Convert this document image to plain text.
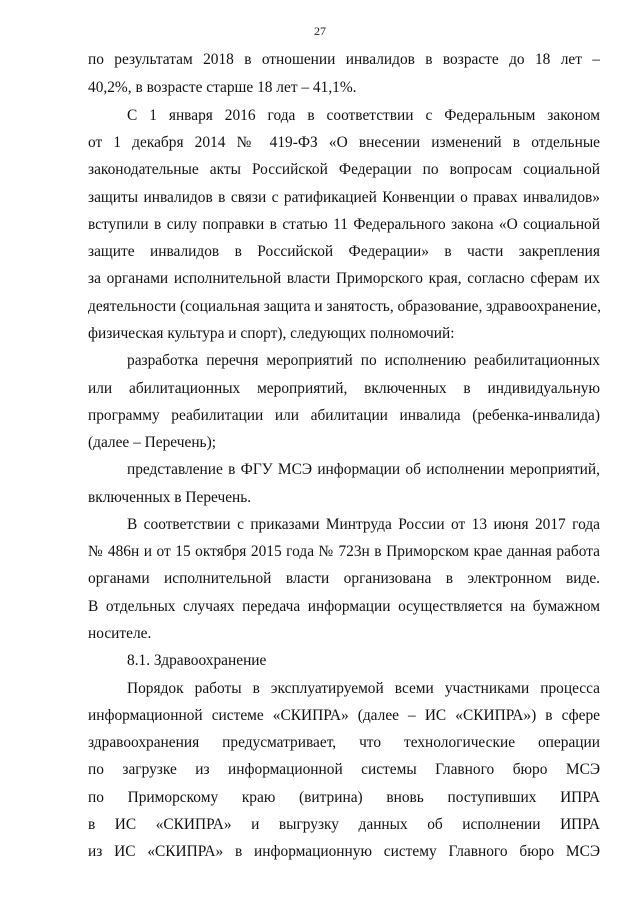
27
по результатам 2018 в отношении инвалидов в возрасте до 18 лет –
40,2%, в возрасте старше 18 лет – 41,1%.
С 1 января 2016 года в соответствии с Федеральным законом
от 1 декабря 2014 № 419-ФЗ «О внесении изменений в отдельные
законодательные акты Российской Федерации по вопросам социальной
защиты инвалидов в связи с ратификацией Конвенции о правах инвалидов»
вступили в силу поправки в статью 11 Федерального закона «О социальной
защите инвалидов в Российской Федерации» в части закрепления
за органами исполнительной власти Приморского края, согласно сферам их
деятельности (социальная защита и занятость, образование, здравоохранение,
физическая культура и спорт), следующих полномочий:
разработка перечня мероприятий по исполнению реабилитационных
или абилитационных мероприятий, включенных в индивидуальную
программу реабилитации или абилитации инвалида (ребенка-инвалида)
(далее – Перечень);
представление в ФГУ МСЭ информации об исполнении мероприятий,
включенных в Перечень.
В соответствии с приказами Минтруда России от 13 июня 2017 года
№ 486н и от 15 октября 2015 года № 723н в Приморском крае данная работа
органами исполнительной власти организована в электронном виде.
В отдельных случаях передача информации осуществляется на бумажном
носителе.
8.1. Здравоохранение
Порядок работы в эксплуатируемой всеми участниками процесса
информационной системе «СКИПРА» (далее – ИС «СКИПРА») в сфере
здравоохранения предусматривает, что технологические операции
по загрузке из информационной системы Главного бюро МСЭ
по Приморскому краю (витрина) вновь поступивших ИПРА
в ИС «СКИПРА» и выгрузку данных об исполнении ИПРА
из ИС «СКИПРА» в информационную систему Главного бюро МСЭ
